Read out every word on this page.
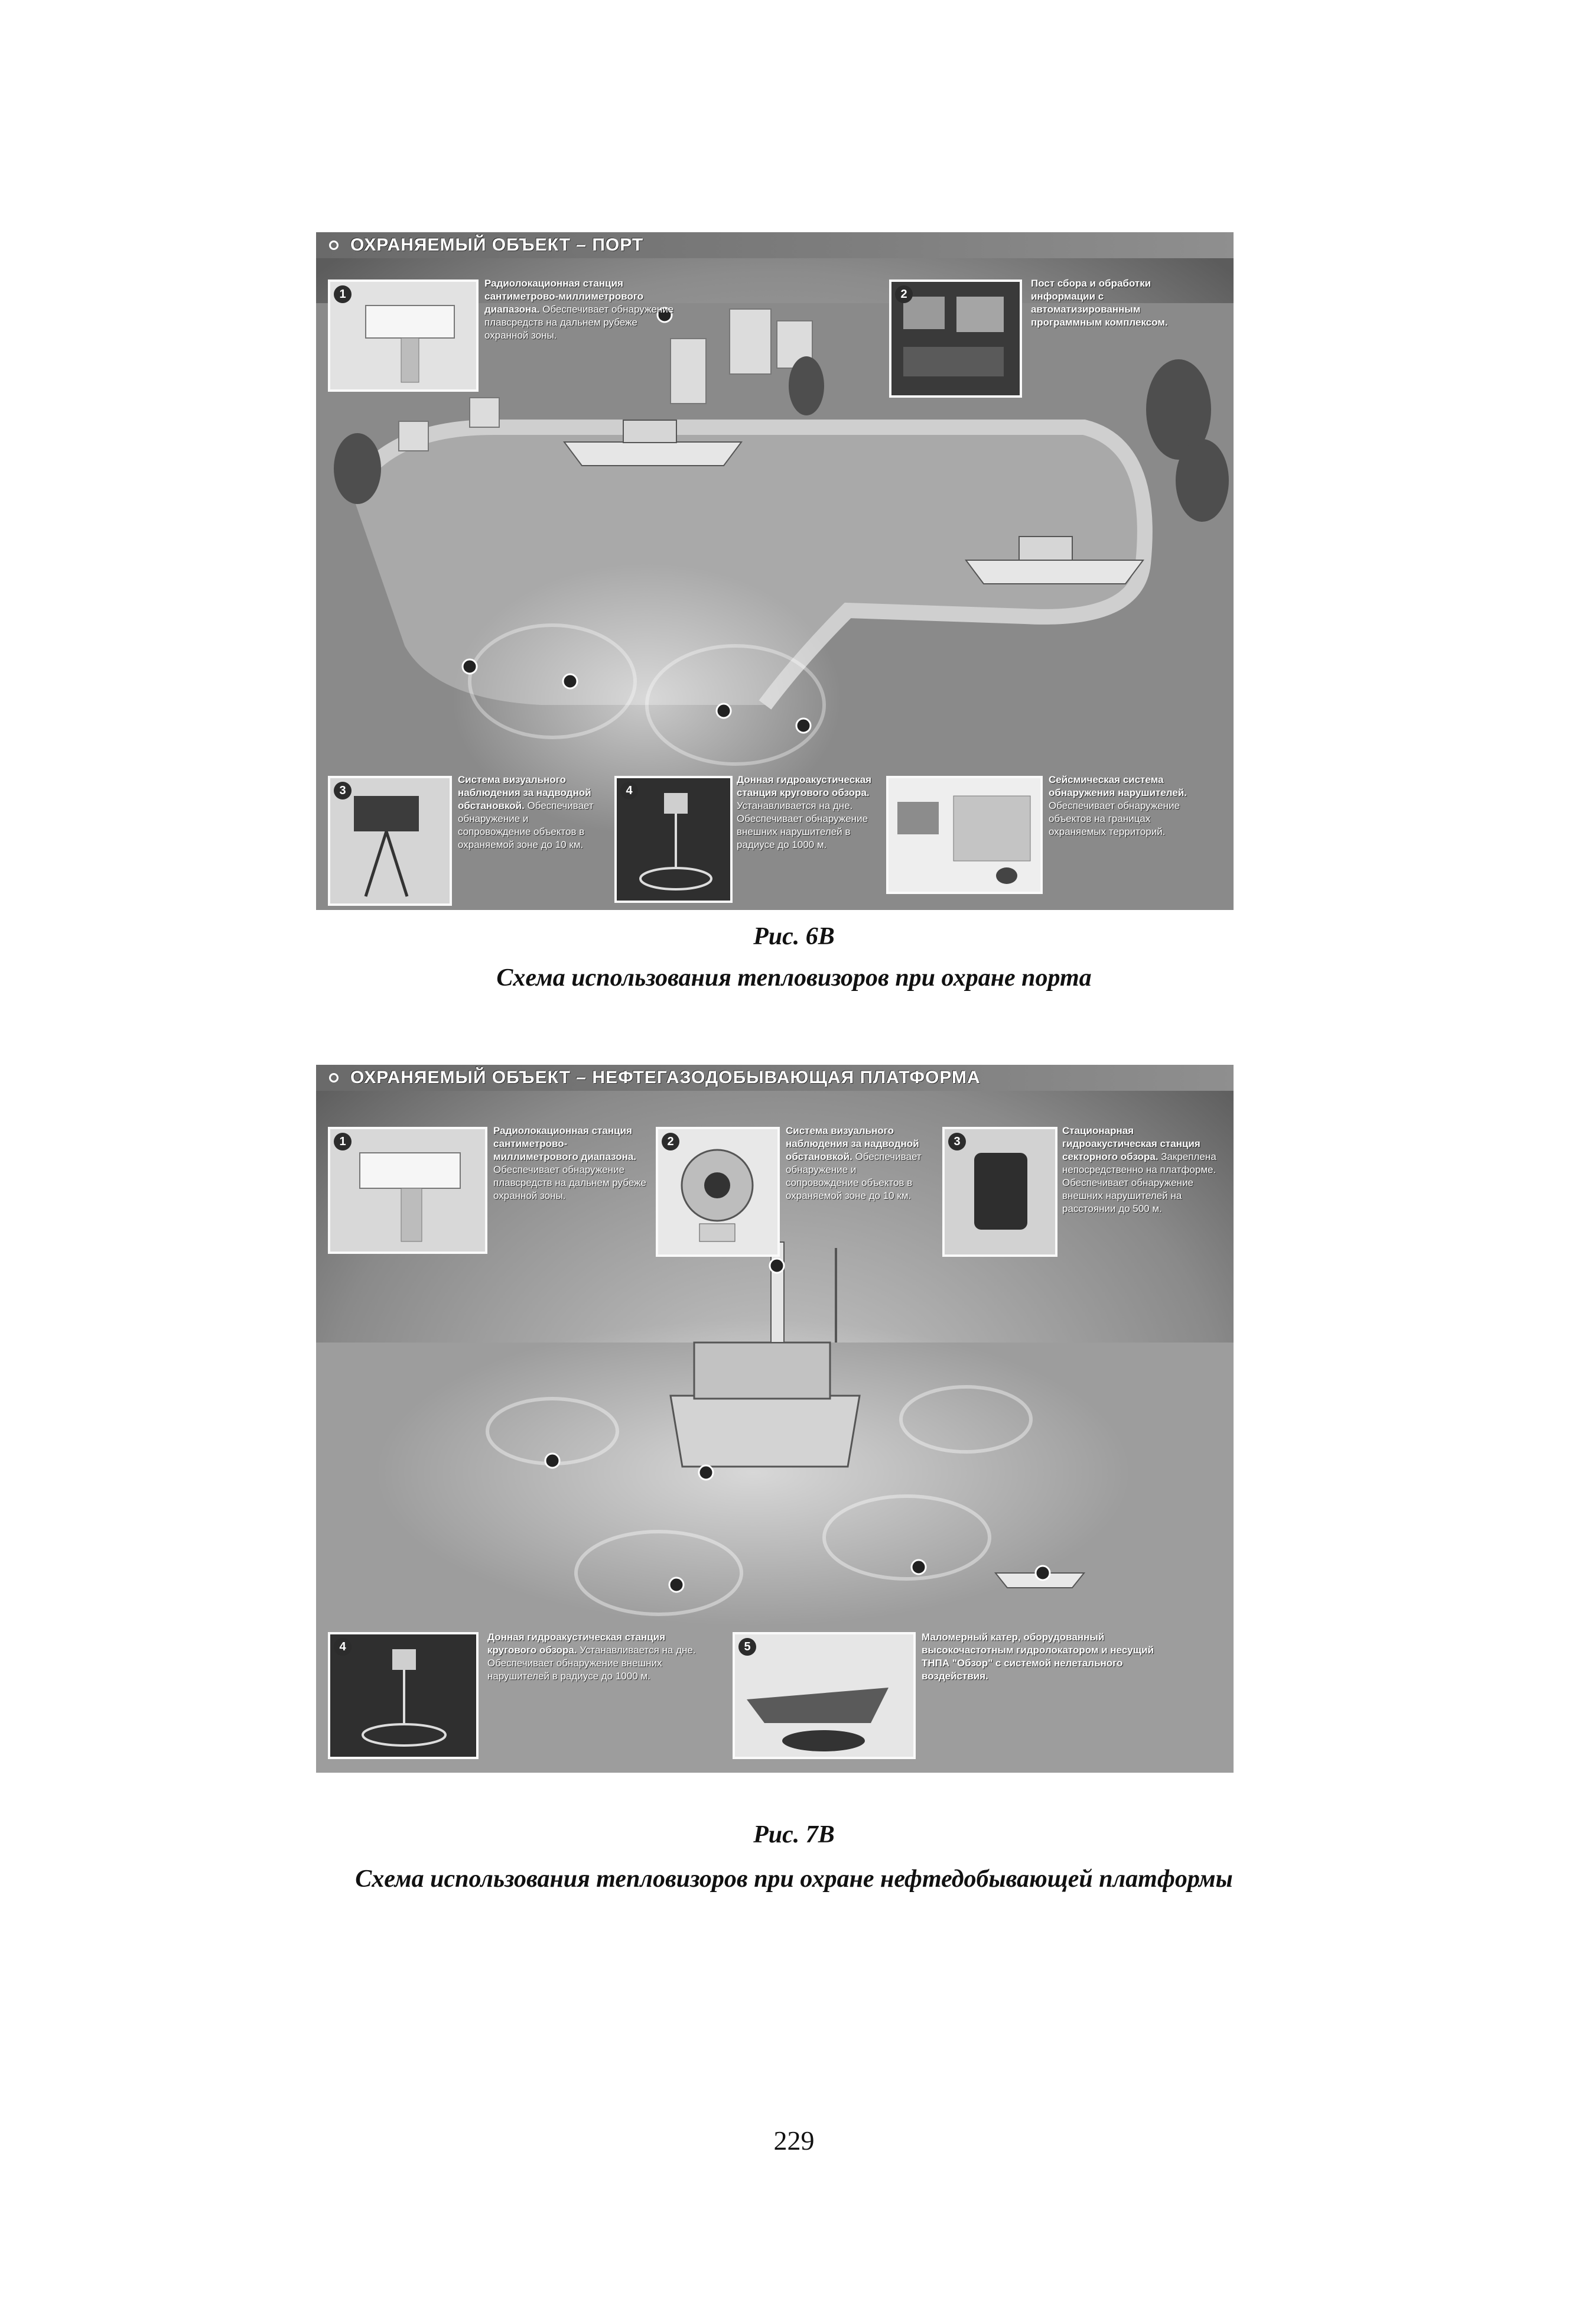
ОХРАНЯЕМЫЙ ОБЪЕКТ – ПОРТ
1
Радиолокационная станция сантиметрово-миллиметрового диапазона. Обеспечивает обнаружение плавсредств на дальнем рубеже охранной зоны.
2
Пост сбора и обработки информации с автоматизированным программным комплексом.
3
Система визуального наблюдения за надводной обстановкой. Обеспечивает обнаружение и сопровождение объектов в охраняемой зоне до 10 км.
4
Донная гидроакустическая станция кругового обзора. Устанавливается на дне. Обеспечивает обнаружение внешних нарушителей в радиусе до 1000 м.
Сейсмическая система обнаружения нарушителей. Обеспечивает обнаружение объектов на границах охраняемых территорий.
Рис. 6В
Схема использования тепловизоров при охране порта
ОХРАНЯЕМЫЙ ОБЪЕКТ – НЕФТЕГАЗОДОБЫВАЮЩАЯ ПЛАТФОРМА
1
Радиолокационная станция сантиметрово-миллиметрового диапазона. Обеспечивает обнаружение плавсредств на дальнем рубеже охранной зоны.
2
Система визуального наблюдения за надводной обстановкой. Обеспечивает обнаружение и сопровождение объектов в охраняемой зоне до 10 км.
3
Стационарная гидроакустическая станция секторного обзора. Закреплена непосредственно на платформе. Обеспечивает обнаружение внешних нарушителей на расстоянии до 500 м.
4
Донная гидроакустическая станция кругового обзора. Устанавливается на дне. Обеспечивает обнаружение внешних нарушителей в радиусе до 1000 м.
5
Маломерный катер, оборудованный высокочастотным гидролокатором и несущий ТНПА "Обзор" с системой нелетального воздействия.
Рис. 7В
Схема использования тепловизоров при охране нефтедобывающей платформы
229
